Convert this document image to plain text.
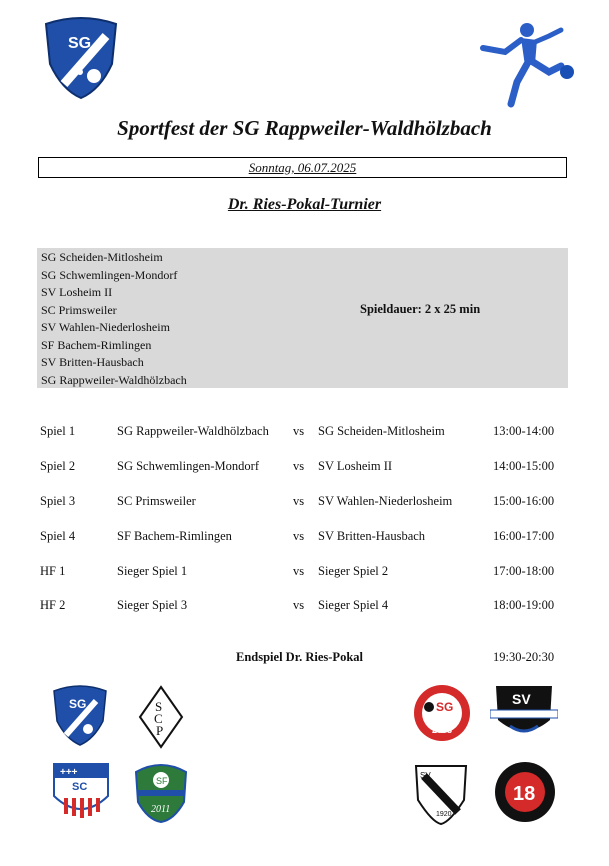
SG
Sportfest der SG Rappweiler-Waldhölzbach
Sonntag, 06.07.2025
Dr. Ries-Pokal-Turnier
SG Scheiden-Mitlosheim
SG Schwemlingen-Mondorf
SV Losheim II
SC Primsweiler
SV Wahlen-Niederlosheim
SF Bachem-Rimlingen
SV Britten-Hausbach
SG Rappweiler-Waldhölzbach
Spieldauer: 2 x 25 min
Spiel 1	SG Rappweiler-Waldhölzbach vs SG Scheiden-Mitlosheim	13:00-14:00
Spiel 2	SG Schwemlingen-Mondorf	vs SV Losheim II	14:00-15:00
Spiel 3	SC Primsweiler	vs SV Wahlen-Niederlosheim	15:00-16:00
Spiel 4	SF Bachem-Rimlingen	vs SV Britten-Hausbach	16:00-17:00
HF 1	Sieger Spiel 1	vs Sieger Spiel 2	17:00-18:00
HF 2	Sieger Spiel 3	vs Sieger Spiel 4	18:00-19:00
Endspiel Dr. Ries-Pokal	19:30-20:30
SG	S
C
P
SG
2008
SV
+++
SC	SF
2011
SV
1920
18
